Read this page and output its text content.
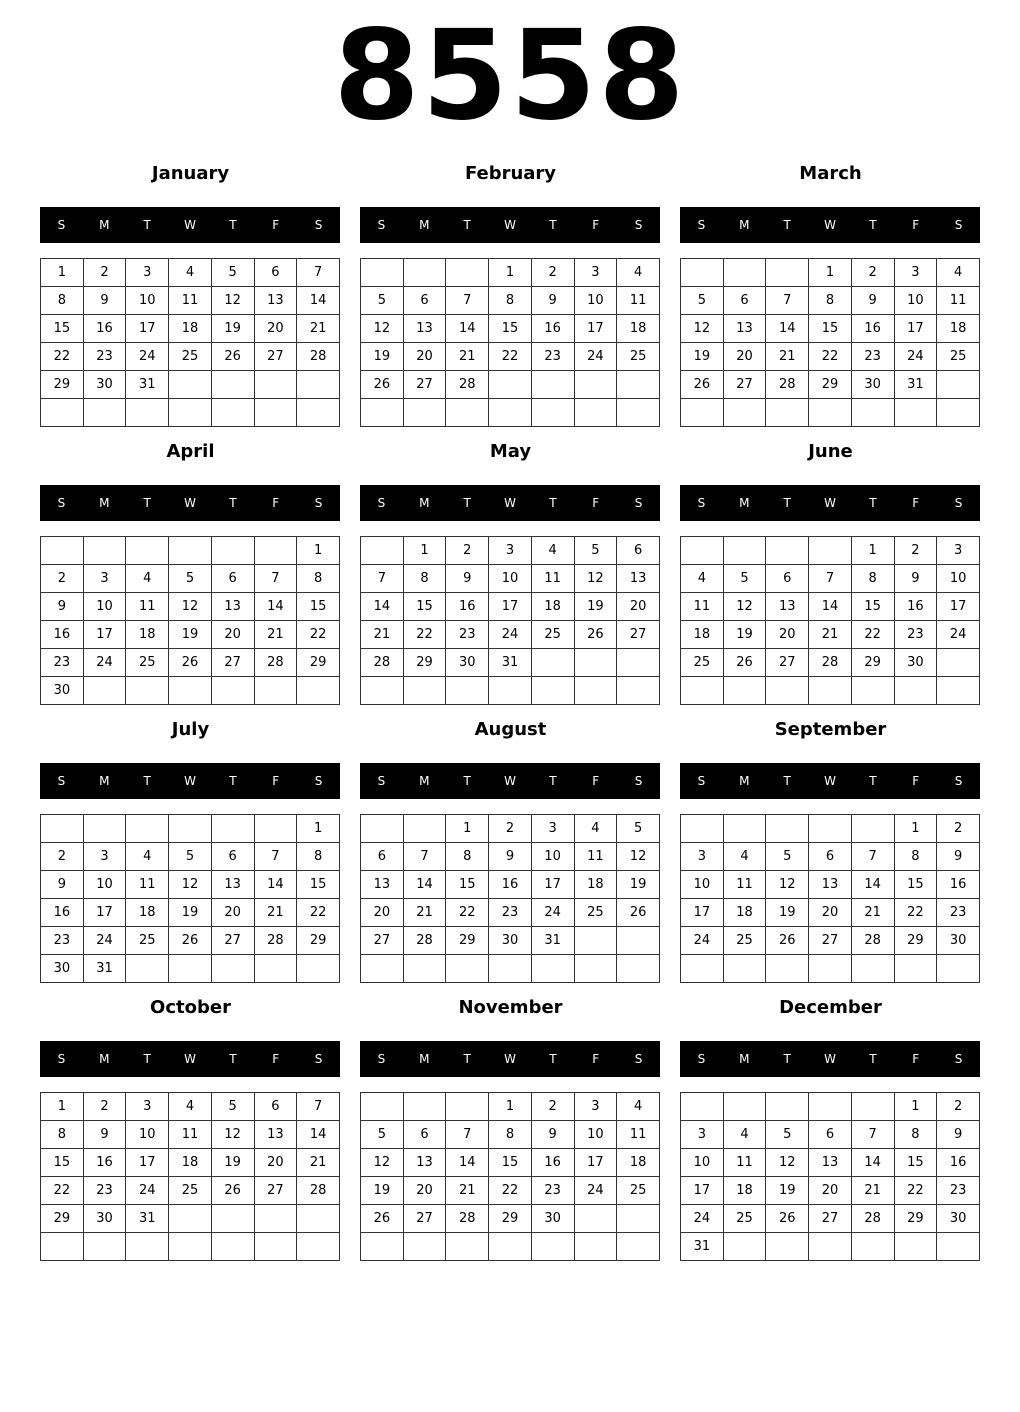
8558
January
S	M	T	W	T	F	S
1	2	3	4	5	6	7
8	9	10	11	12	13	14
15	16	17	18	19	20	21
22	23	24	25	26	27	28
29	30	31				

February
S	M	T	W	T	F	S
			1	2	3	4
5	6	7	8	9	10	11
12	13	14	15	16	17	18
19	20	21	22	23	24	25
26	27	28				

March
S	M	T	W	T	F	S
			1	2	3	4
5	6	7	8	9	10	11
12	13	14	15	16	17	18
19	20	21	22	23	24	25
26	27	28	29	30	31	

April
S	M	T	W	T	F	S
						1
2	3	4	5	6	7	8
9	10	11	12	13	14	15
16	17	18	19	20	21	22
23	24	25	26	27	28	29
30						
May
S	M	T	W	T	F	S
	1	2	3	4	5	6
7	8	9	10	11	12	13
14	15	16	17	18	19	20
21	22	23	24	25	26	27
28	29	30	31			

June
S	M	T	W	T	F	S
				1	2	3
4	5	6	7	8	9	10
11	12	13	14	15	16	17
18	19	20	21	22	23	24
25	26	27	28	29	30	

July
S	M	T	W	T	F	S
						1
2	3	4	5	6	7	8
9	10	11	12	13	14	15
16	17	18	19	20	21	22
23	24	25	26	27	28	29
30	31					
August
S	M	T	W	T	F	S
		1	2	3	4	5
6	7	8	9	10	11	12
13	14	15	16	17	18	19
20	21	22	23	24	25	26
27	28	29	30	31		

September
S	M	T	W	T	F	S
					1	2
3	4	5	6	7	8	9
10	11	12	13	14	15	16
17	18	19	20	21	22	23
24	25	26	27	28	29	30

October
S	M	T	W	T	F	S
1	2	3	4	5	6	7
8	9	10	11	12	13	14
15	16	17	18	19	20	21
22	23	24	25	26	27	28
29	30	31				

November
S	M	T	W	T	F	S
			1	2	3	4
5	6	7	8	9	10	11
12	13	14	15	16	17	18
19	20	21	22	23	24	25
26	27	28	29	30		

December
S	M	T	W	T	F	S
					1	2
3	4	5	6	7	8	9
10	11	12	13	14	15	16
17	18	19	20	21	22	23
24	25	26	27	28	29	30
31						
